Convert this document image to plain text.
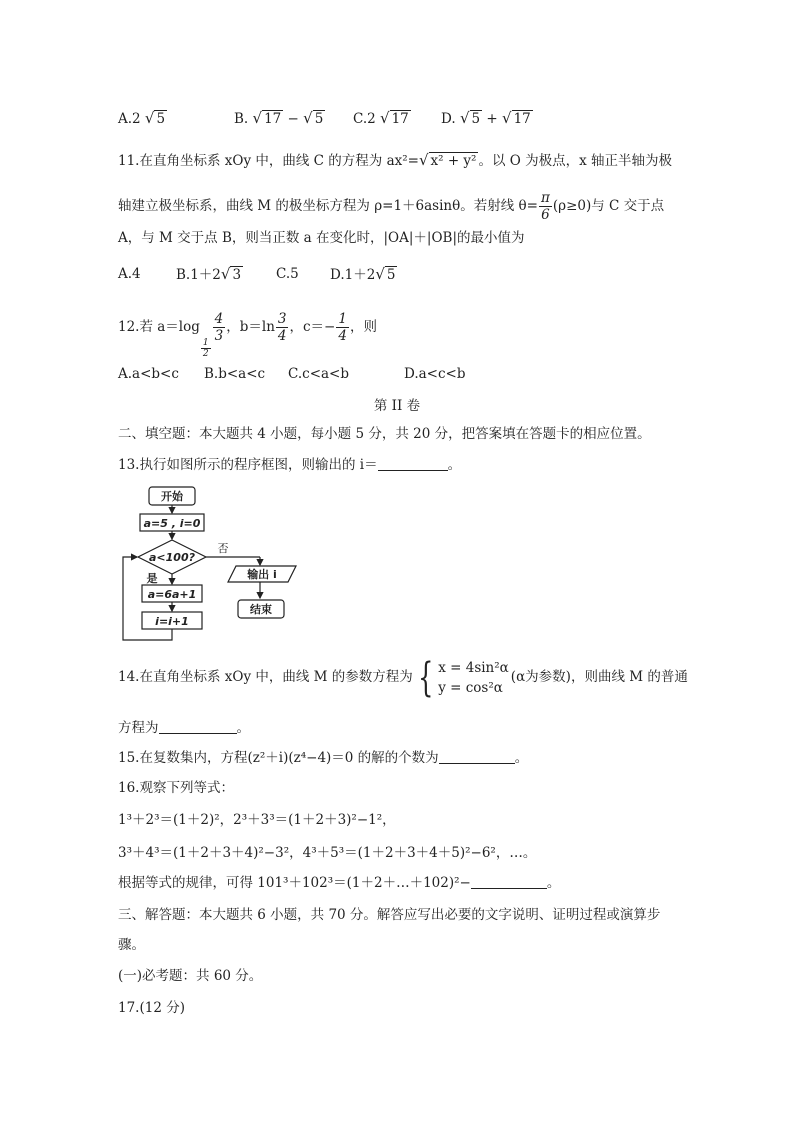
A.2 √ 5	B. √ 17 − √ 5 C.2 √ 17 D. √ 5 + √ 17
11.在直角坐标系 xOy 中，曲线 C 的方程为 ax²=√ x² + y² 。以 O 为极点，x 轴正半轴为极
轴建立极坐标系，曲线 M 的极坐标方程为 ρ=1＋6asinθ。若射线 $\theta= \frac{\pi}{6} (\rho\ge 0)$与 C 交于点
A，与 M 交于点 B，则当正数 a 在变化时，|OA|＋|OB|的最小值为
A.4	B.1＋2√ 3	C.5 D.1＋2√ 5
12.若 a＝log
$\frac{1}{2}$
$\frac{4}{3}$ ，$b=\ln \frac{3}{4}$ ，$c=- \frac{1}{4}$ ，则
A.a<b<c B.b<a<c C.c<a<b	D.a<c<b
第 II 卷
二、填空题：本大题共 4 小题，每小题 5 分，共 20 分，把答案填在答题卡的相应位置。
13.执行如图所示的程序框图，则输出的 i＝	。
开始
a=5 , i=0
a<100?
否
是	输出 i
a=6a+1
i=i+1
结束
14.在直角坐标系 xOy 中，曲线 M 的参数方程为 { x = 4sin²α
y = cos²α
(α为参数)，则曲线 M 的普通
方程为	。
15.在复数集内，方程(z²＋i)(z⁴−4)＝0 的解的个数为	。
16.观察下列等式：
1³＋2³＝(1＋2)²，2³＋3³＝(1＋2＋3)²−1²，
3³＋4³＝(1＋2＋3＋4)²−3²，4³＋5³＝(1＋2＋3＋4＋5)²−6²，…。
根据等式的规律，可得 101³＋102³＝(1＋2＋…＋102)²−	。
三、解答题：本大题共 6 小题，共 70 分。解答应写出必要的文字说明、证明过程或演算步
骤。
(一)必考题：共 60 分。
17.(12 分)
